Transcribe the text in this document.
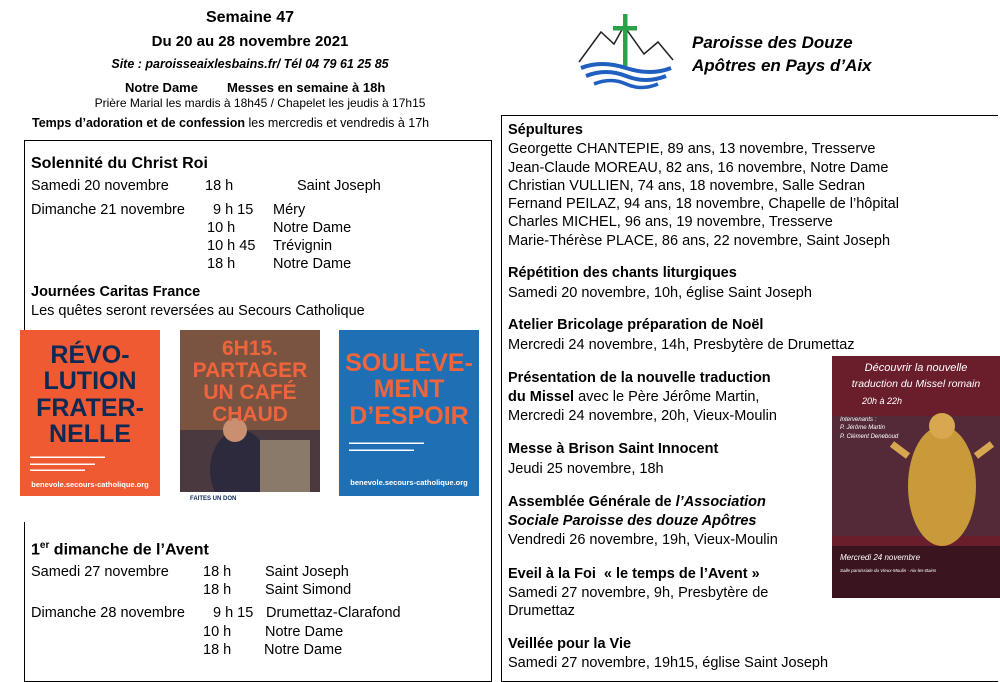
Semaine 47
Du 20 au 28 novembre 2021
Site : paroisseaixlesbains.fr/ Tél 04 79 61 25 85
Notre Dame Messes en semaine à 18h
Prière Marial les mardis à 18h45 / Chapelet les jeudis à 17h15
Temps d’adoration et de confession les mercredis et vendredis à 17h
Paroisse des Douze
Apôtres en Pays d’Aix
Solennité du Christ Roi
Samedi 20 novembre 18 h	Saint Joseph
Dimanche 21 novembre 9 h 15 Méry
10 h	Notre Dame
10 h 45 Trévignin
18 h	Notre Dame
Journées Caritas France
Les quêtes seront reversées au Secours Catholique
RÉVO-
LUTION
FRATER-
NELLE
▬▬▬▬▬▬▬▬▬▬▬▬▬▬▬
▬▬▬▬▬▬▬▬▬▬▬▬▬
▬▬▬▬▬▬▬▬▬▬▬
benevole.secours-catholique.org
6H15.
PARTAGER
UN CAFÉ
CHAUD
FAITES UN DON
SOULÈVE-
MENT
D’ESPOIR
▬▬▬▬▬▬▬▬▬▬▬▬▬▬▬
▬▬▬▬▬▬▬▬▬▬▬▬▬
benevole.secours-catholique.org
1er dimanche de l’Avent
Samedi 27 novembre 18 h Saint Joseph
18 h Saint Simond
Dimanche 28 novembre 9 h 15 Drumettaz-Clarafond
10 h Notre Dame
18 h Notre Dame
Sépultures
Georgette CHANTEPIE, 89 ans, 13 novembre, Tresserve
Jean-Claude MOREAU, 82 ans, 16 novembre, Notre Dame
Christian VULLIEN, 74 ans, 18 novembre, Salle Sedran
Fernand PEILAZ, 94 ans, 18 novembre, Chapelle de l’hôpital
Charles MICHEL, 96 ans, 19 novembre, Tresserve
Marie-Thérèse PLACE, 86 ans, 22 novembre, Saint Joseph
Répétition des chants liturgiques
Samedi 20 novembre, 10h, église Saint Joseph
Atelier Bricolage préparation de Noël
Mercredi 24 novembre, 14h, Presbytère de Drumettaz
Présentation de la nouvelle traduction
du Missel avec le Père Jérôme Martin,
Mercredi 24 novembre, 20h, Vieux-Moulin
Messe à Brison Saint Innocent
Jeudi 25 novembre, 18h
Assemblée Générale de l’Association
Sociale Paroisse des douze Apôtres
Vendredi 26 novembre, 19h, Vieux-Moulin
Eveil à la Foi  « le temps de l’Avent »
Samedi 27 novembre, 9h, Presbytère de
Drumettaz
Veillée pour la Vie
Samedi 27 novembre, 19h15, église Saint Joseph
Découvrir la nouvelle
traduction du Missel romain
20h à 22h
Intervenants :
P. Jérôme Martin
P. Clément Deneboud
Mercredi 24 novembre
Salle paroissiale du Vieux-Moulin - Aix-les-Bains
